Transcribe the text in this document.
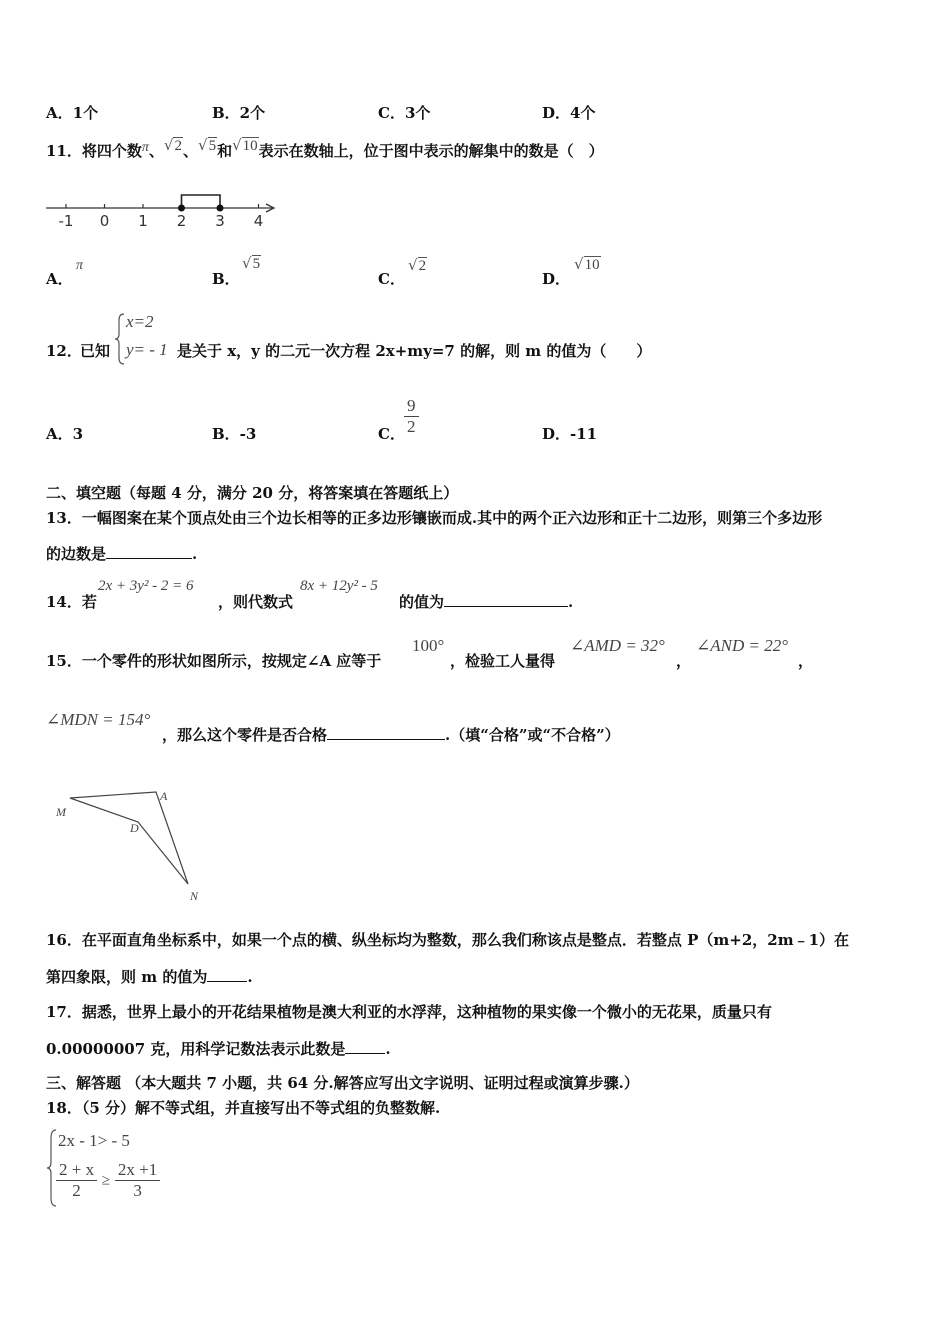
A．1个	B．2个	C．3个	D．4个
11．将四个数π、√2、√5和√10表示在数轴上，位于图中表示的解集中的数是（　）
-1 0 1 2 3 4
A．
π
B．
√5
C．
√2
D．
√10
12．
已知
x=2
y= - 1 是关于 x，y 的二元一次方程 2x+my=7 的解，则 m 的值为（　　）
A．3	B．-3	C． $\frac{9}{2}$	D．-11
二、填空题（每题 4 分，满分 20 分，将答案填在答题纸上）
13．一幅图案在某个顶点处由三个边长相等的正多边形镶嵌而成.其中的两个正六边形和正十二边形，则第三个多边形
的边数是	.
14．若
2x + 3y² - 2 = 6
，则代数式
8x + 12y² - 5
的值为	.
15．一个零件的形状如图所示，按规定∠A 应等于
100°
，检验工人量得
∠AMD = 32°
，
∠AND = 22°
，
∠MDN = 154°
，那么这个零件是否合格	.（填“合格”或“不合格”）
M
A
D
N
16．在平面直角坐标系中，如果一个点的横、纵坐标均为整数，那么我们称该点是整点．若整点 P（m+2，2m﹣1）在
第四象限，则 m 的值为	.
17．据悉，世界上最小的开花结果植物是澳大利亚的水浮萍，这种植物的果实像一个微小的无花果，质量只有
0.00000007 克，用科学记数法表示此数是	.
三、解答题 （本大题共 7 小题，共 64 分.解答应写出文字说明、证明过程或演算步骤.）
18．（5 分）解不等式组，并直接写出不等式组的负整数解.
2x - 1> - 5
$\frac{2 + x}{2} \ge \frac{2x +1}{3}$
